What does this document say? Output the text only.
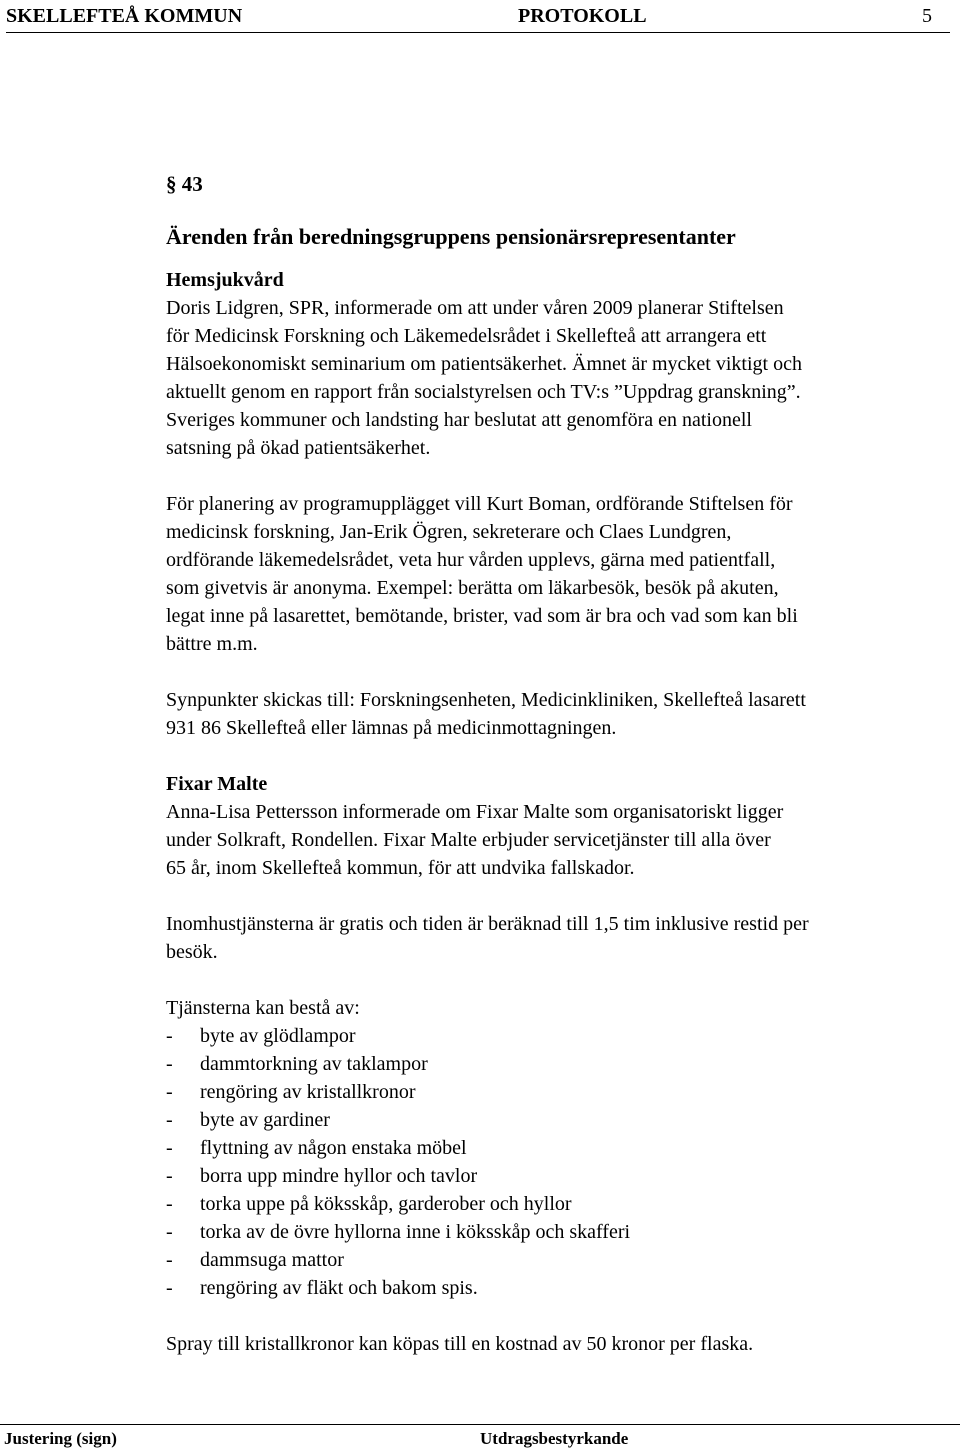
SKELLEFTEÅ KOMMUN	PROTOKOLL	5
§ 43
Ärenden från beredningsgruppens pensionärsrepresentanter
Hemsjukvård
Doris Lidgren, SPR, informerade om att under våren 2009 planerar Stiftelsen
för Medicinsk Forskning och Läkemedelsrådet i Skellefteå att arrangera ett
Hälsoekonomiskt seminarium om patientsäkerhet. Ämnet är mycket viktigt och
aktuellt genom en rapport från socialstyrelsen och TV:s ”Uppdrag granskning”.
Sveriges kommuner och landsting har beslutat att genomföra en nationell
satsning på ökad patientsäkerhet.
För planering av programupplägget vill Kurt Boman, ordförande Stiftelsen för
medicinsk forskning, Jan-Erik Ögren, sekreterare och Claes Lundgren,
ordförande läkemedelsrådet, veta hur vården upplevs, gärna med patientfall,
som givetvis är anonyma. Exempel: berätta om läkarbesök, besök på akuten,
legat inne på lasarettet, bemötande, brister, vad som är bra och vad som kan bli
bättre m.m.
Synpunkter skickas till: Forskningsenheten, Medicinkliniken, Skellefteå lasarett
931 86 Skellefteå eller lämnas på medicinmottagningen.
Fixar Malte
Anna-Lisa Pettersson informerade om Fixar Malte som organisatoriskt ligger
under Solkraft, Rondellen. Fixar Malte erbjuder servicetjänster till alla över
65 år, inom Skellefteå kommun, för att undvika fallskador.
Inomhustjänsterna är gratis och tiden är beräknad till 1,5 tim inklusive restid per
besök.
Tjänsterna kan bestå av:
-	byte av glödlampor
-	dammtorkning av taklampor
-	rengöring av kristallkronor
-	byte av gardiner
-	flyttning av någon enstaka möbel
-	borra upp mindre hyllor och tavlor
-	torka uppe på köksskåp, garderober och hyllor
-	torka av de övre hyllorna inne i köksskåp och skafferi
-	dammsuga mattor
-	rengöring av fläkt och bakom spis.
Spray till kristallkronor kan köpas till en kostnad av 50 kronor per flaska.
Justering (sign)	Utdragsbestyrkande
